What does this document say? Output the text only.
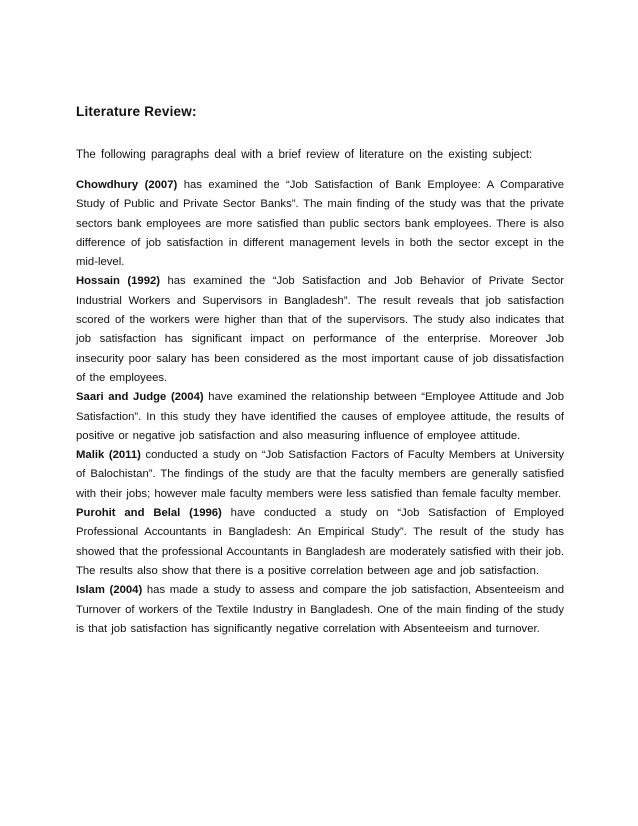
Literature Review:
The following paragraphs deal with a brief review of literature on the existing subject:

Chowdhury (2007) has examined the “Job Satisfaction of Bank Employee: A Comparative Study of Public and Private Sector Banks”. The main finding of the study was that the private sectors bank employees are more satisfied than public sectors bank employees. There is also difference of job satisfaction in different management levels in both the sector except in the mid-level.

Hossain (1992) has examined the “Job Satisfaction and Job Behavior of Private Sector Industrial Workers and Supervisors in Bangladesh”. The result reveals that job satisfaction scored of the workers were higher than that of the supervisors. The study also indicates that job satisfaction has significant impact on performance of the enterprise. Moreover Job insecurity poor salary has been considered as the most important cause of job dissatisfaction of the employees.

Saari and Judge (2004) have examined the relationship between “Employee Attitude and Job Satisfaction”. In this study they have identified the causes of employee attitude, the results of positive or negative job satisfaction and also measuring influence of employee attitude.

Malik (2011) conducted a study on “Job Satisfaction Factors of Faculty Members at University of Balochistan”. The findings of the study are that the faculty members are generally satisfied with their jobs; however male faculty members were less satisfied than female faculty member.

Purohit and Belal (1996) have conducted a study on “Job Satisfaction of Employed Professional Accountants in Bangladesh: An Empirical Study”. The result of the study has showed that the professional Accountants in Bangladesh are moderately satisfied with their job. The results also show that there is a positive correlation between age and job satisfaction.

Islam (2004) has made a study to assess and compare the job satisfaction, Absenteeism and Turnover of workers of the Textile Industry in Bangladesh. One of the main finding of the study is that job satisfaction has significantly negative correlation with Absenteeism and turnover.
